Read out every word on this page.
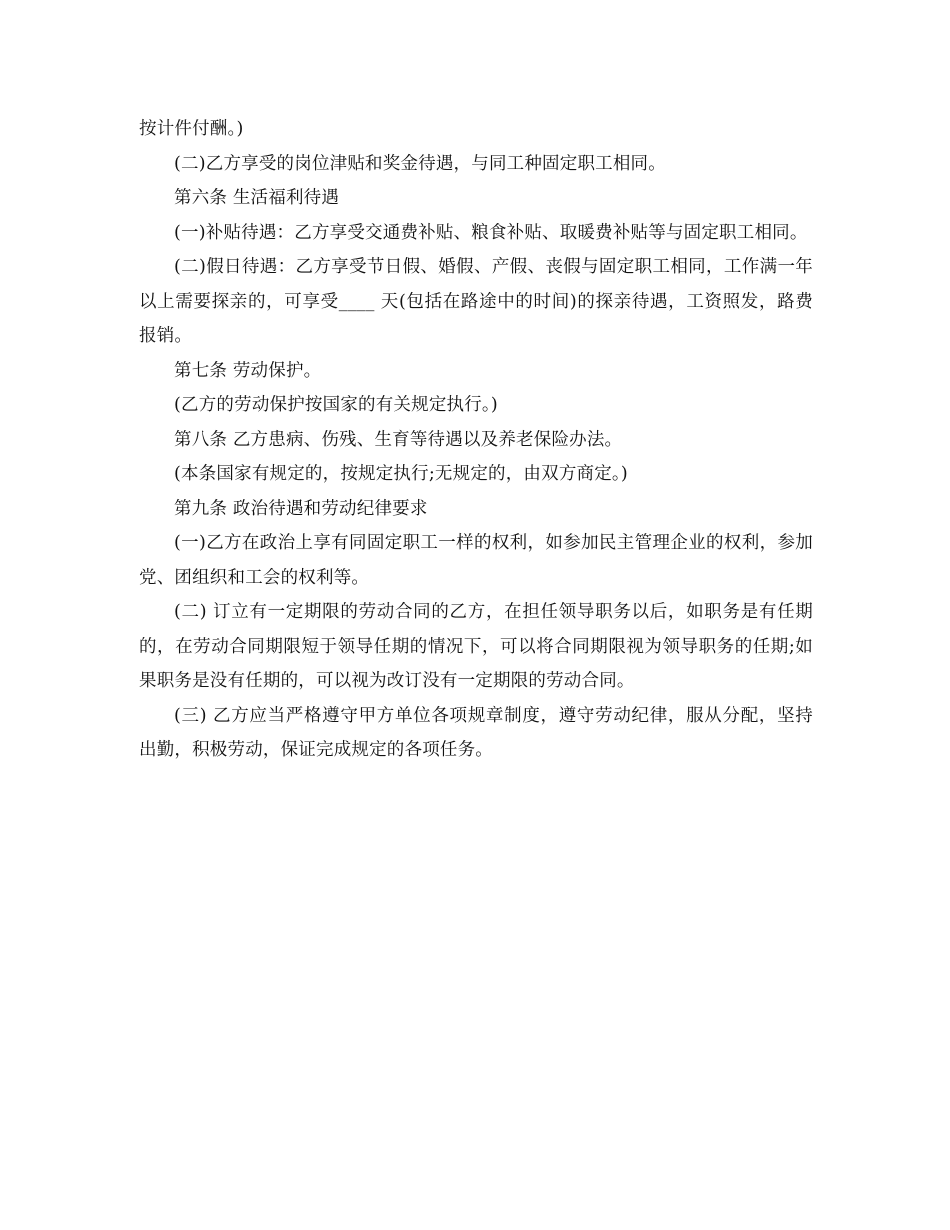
按计件付酬。)

(二)乙方享受的岗位津贴和奖金待遇，与同工种固定职工相同。

第六条 生活福利待遇

(一)补贴待遇：乙方享受交通费补贴、粮食补贴、取暖费补贴等与固定职工相同。

(二)假日待遇：乙方享受节日假、婚假、产假、丧假与固定职工相同，工作满一年以上需要探亲的，可享受____ 天(包括在路途中的时间)的探亲待遇，工资照发，路费报销。

第七条 劳动保护。

(乙方的劳动保护按国家的有关规定执行。)

第八条 乙方患病、伤残、生育等待遇以及养老保险办法。

(本条国家有规定的，按规定执行;无规定的，由双方商定。)

第九条 政治待遇和劳动纪律要求

(一)乙方在政治上享有同固定职工一样的权利，如参加民主管理企业的权利，参加党、团组织和工会的权利等。

(二) 订立有一定期限的劳动合同的乙方，在担任领导职务以后，如职务是有任期的，在劳动合同期限短于领导任期的情况下，可以将合同期限视为领导职务的任期;如果职务是没有任期的，可以视为改订没有一定期限的劳动合同。

(三) 乙方应当严格遵守甲方单位各项规章制度，遵守劳动纪律，服从分配，坚持出勤，积极劳动，保证完成规定的各项任务。
